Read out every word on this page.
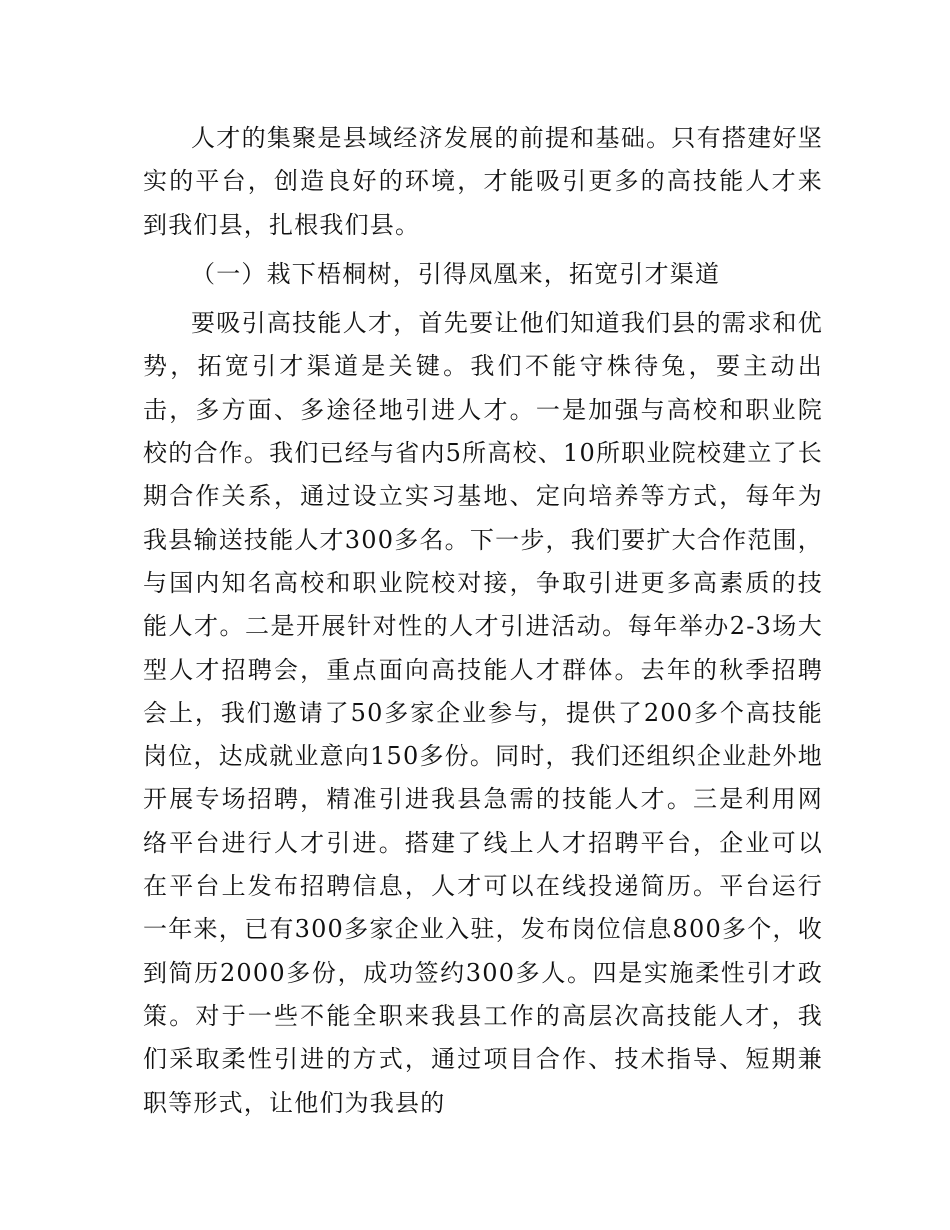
人才的集聚是县域经济发展的前提和基础。只有搭建好坚实的平台，创造良好的环境，才能吸引更多的高技能人才来到我们县，扎根我们县。

（一）栽下梧桐树，引得凤凰来，拓宽引才渠道

要吸引高技能人才，首先要让他们知道我们县的需求和优势，拓宽引才渠道是关键。我们不能守株待兔，要主动出击，多方面、多途径地引进人才。一是加强与高校和职业院校的合作。我们已经与省内5所高校、10所职业院校建立了长期合作关系，通过设立实习基地、定向培养等方式，每年为我县输送技能人才300多名。下一步，我们要扩大合作范围，与国内知名高校和职业院校对接，争取引进更多高素质的技能人才。二是开展针对性的人才引进活动。每年举办2-3场大型人才招聘会，重点面向高技能人才群体。去年的秋季招聘会上，我们邀请了50多家企业参与，提供了200多个高技能岗位，达成就业意向150多份。同时，我们还组织企业赴外地开展专场招聘，精准引进我县急需的技能人才。三是利用网络平台进行人才引进。搭建了线上人才招聘平台，企业可以在平台上发布招聘信息，人才可以在线投递简历。平台运行一年来，已有300多家企业入驻，发布岗位信息800多个，收到简历2000多份，成功签约300多人。四是实施柔性引才政策。对于一些不能全职来我县工作的高层次高技能人才，我们采取柔性引进的方式，通过项目合作、技术指导、短期兼职等形式，让他们为我县的
